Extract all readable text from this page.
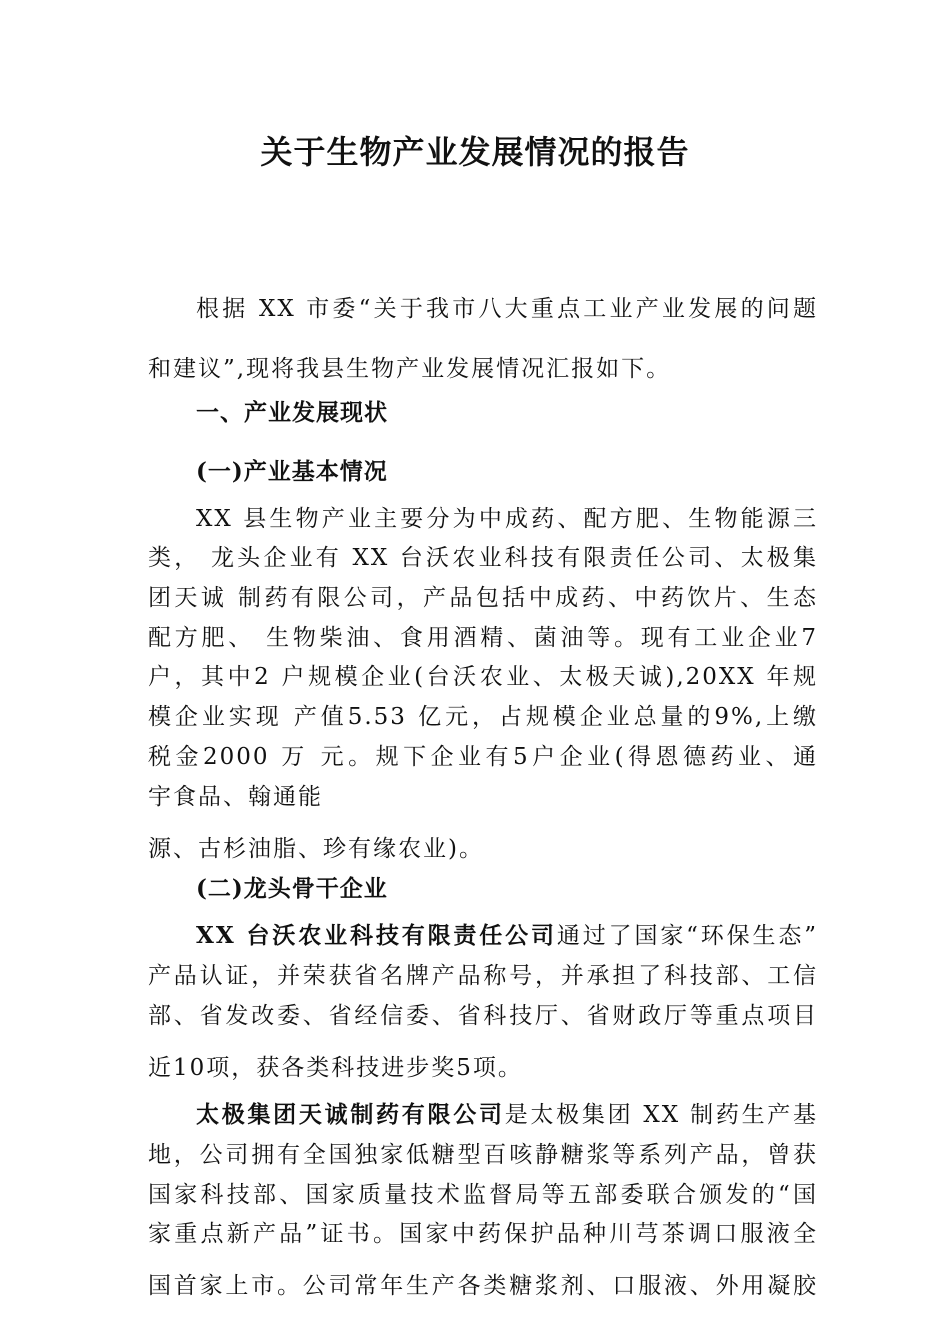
关于生物产业发展情况的报告
根据 XX 市委“关于我市八大重点工业产业发展的问题
和建议”,现将我县生物产业发展情况汇报如下。
一、产业发展现状
(一)产业基本情况
XX 县生物产业主要分为中成药、配方肥、生物能源三
类， 龙头企业有 XX 台沃农业科技有限责任公司、太极集
团天诚 制药有限公司，产品包括中成药、中药饮片、生态
配方肥、 生物柴油、食用酒精、菌油等。现有工业企业7
户，其中2 户规模企业(台沃农业、太极天诚),20XX 年规
模企业实现 产值5.53 亿元，占规模企业总量的9%,上缴
税金2000 万 元。规下企业有5户企业(得恩德药业、通
宇食品、翰通能
源、古杉油脂、珍有缘农业)。
(二)龙头骨干企业
XX 台沃农业科技有限责任公司通过了国家“环保生态”
产品认证，并荣获省名牌产品称号，并承担了科技部、工信
部、省发改委、省经信委、省科技厅、省财政厅等重点项目
近10项，获各类科技进步奖5项。
太极集团天诚制药有限公司是太极集团 XX 制药生产基
地，公司拥有全国独家低糖型百咳静糖浆等系列产品，曾获
国家科技部、国家质量技术监督局等五部委联合颁发的“国
家重点新产品”证书。国家中药保护品种川芎茶调口服液全
国首家上市。公司常年生产各类糖浆剂、口服液、外用凝胶
